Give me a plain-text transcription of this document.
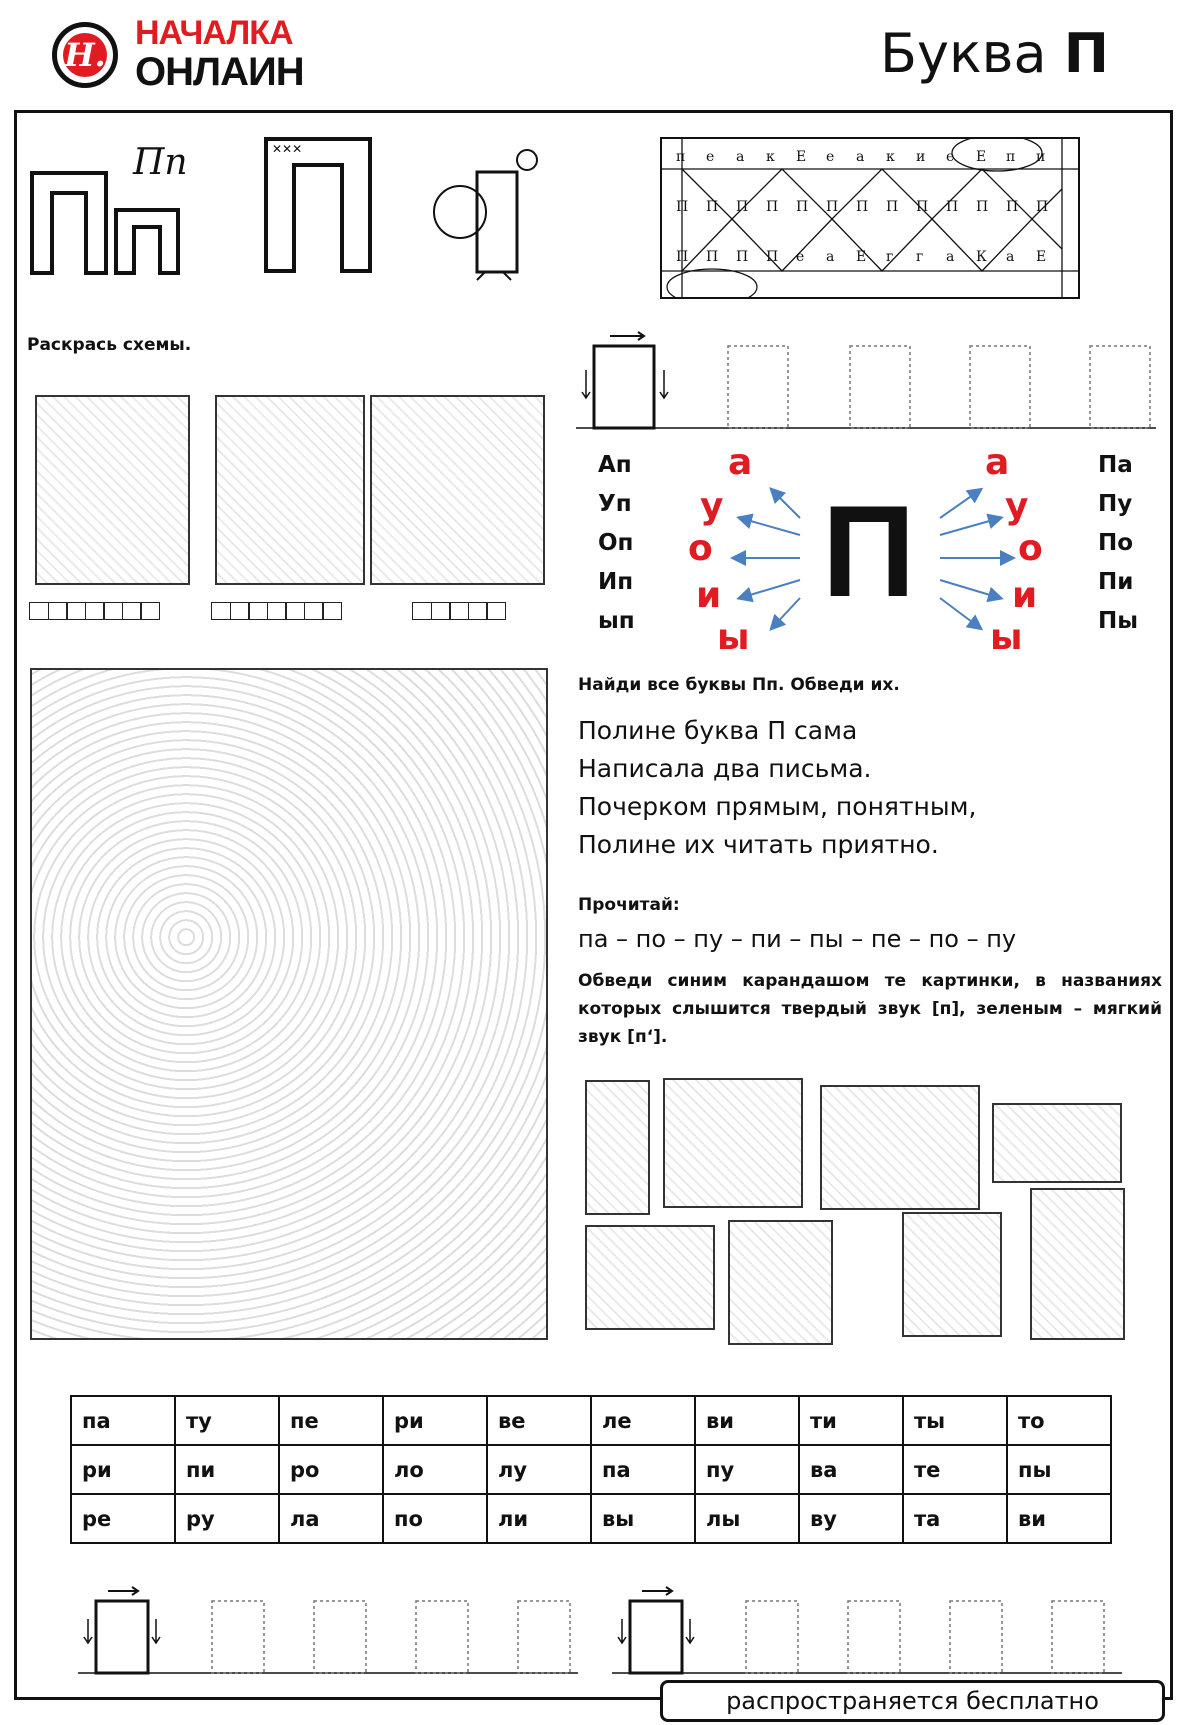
Н.
НАЧАЛКА
ОНЛАИН	Буква П
Пп	✕✕✕	п е а к Е е а к и е Е п и
П П П П П П П П П П П П П
П П П П е а Е г г а К а Е
Раскрась схемы.
Ап
Уп
Оп
Ип
ып
Па
Пу
По
Пи
Пы
а
у
о
и
ы
а
у
о
и
ы
П
Найди все буквы Пп. Обведи их.
Полине буква П сама
Написала два письма.
Почерком прямым, понятным,
Полине их читать приятно.
Прочитай:
па – по – пу – пи – пы – пе – по – пу
Обведи синим карандашом те картинки, в названиях которых слышится твердый звук [п], зеленым – мягкий звук [п‘].
па	ту	пе	ри	ве	ле	ви	ти	ты	то
ри	пи	ро	ло	лу	па	пу	ва	те	пы
ре	ру	ла	по	ли	вы	лы	ву	та	ви
распространяется бесплатно
